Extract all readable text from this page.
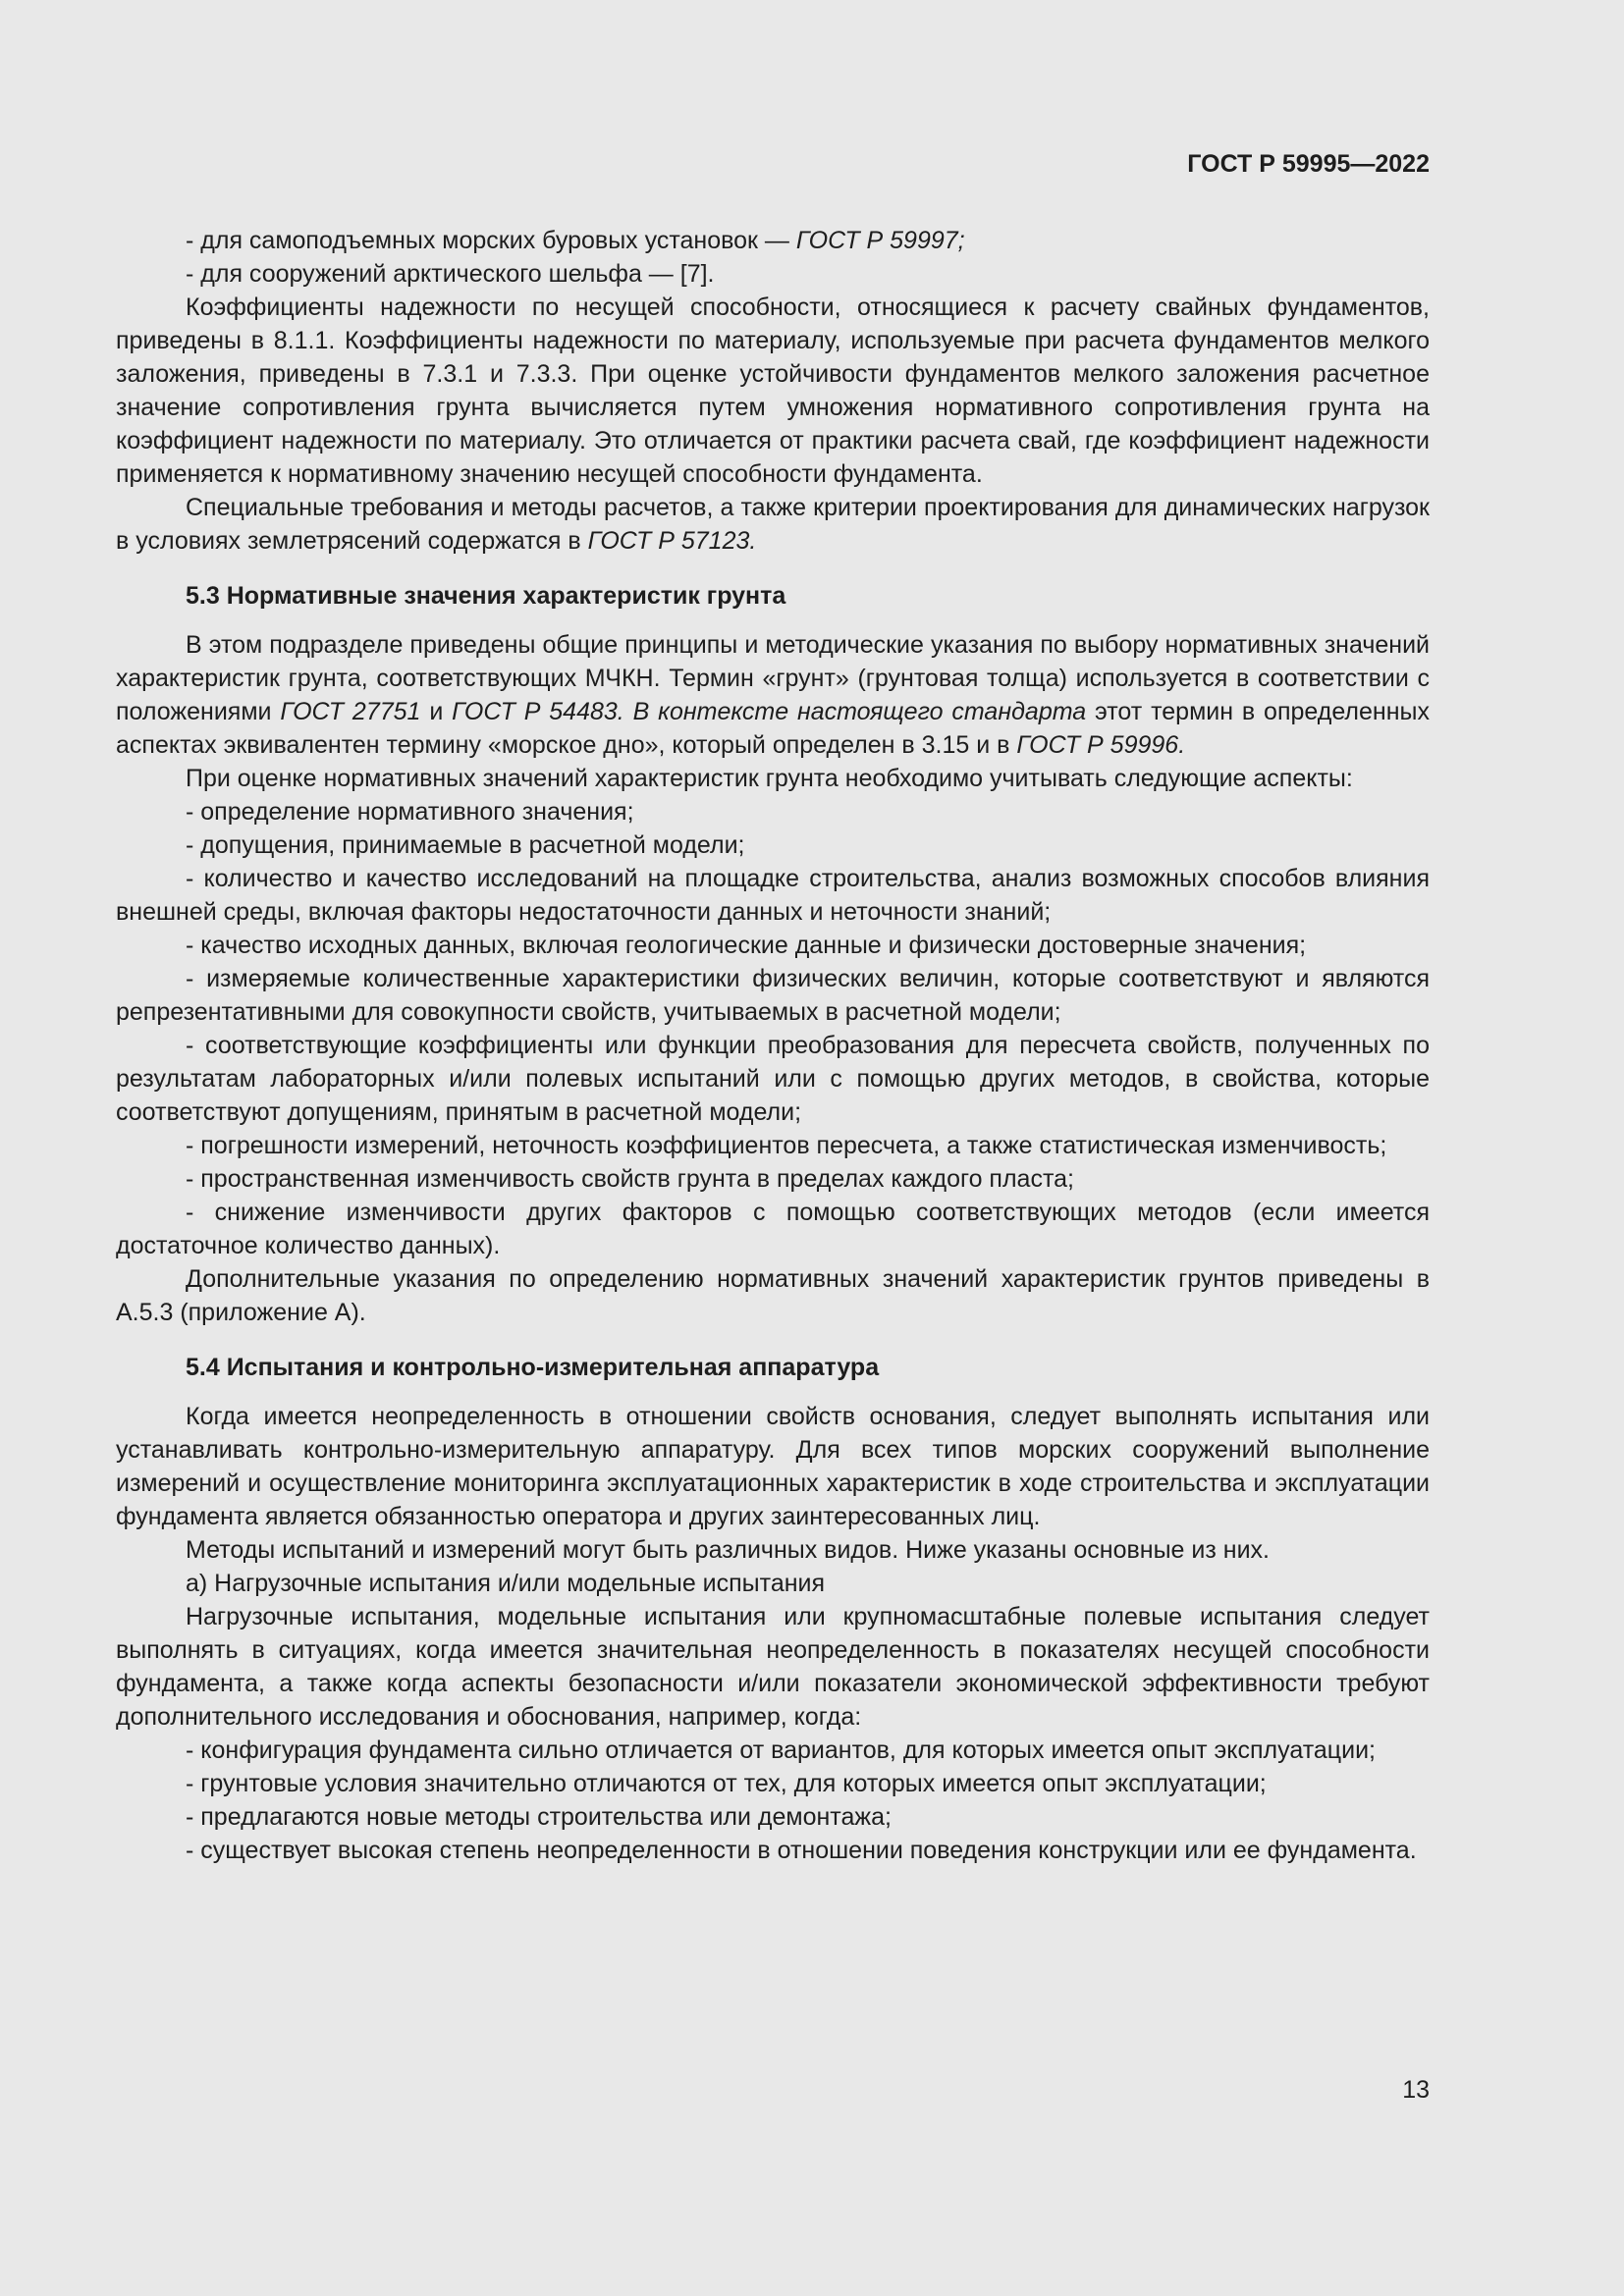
ГОСТ Р 59995—2022

- для самоподъемных морских буровых установок — ГОСТ Р 59997;

- для сооружений арктического шельфа — [7].

Коэффициенты надежности по несущей способности, относящиеся к расчету свайных фундаментов, приведены в 8.1.1. Коэффициенты надежности по материалу, используемые при расчета фундаментов мелкого заложения, приведены в 7.3.1 и 7.3.3. При оценке устойчивости фундаментов мелкого заложения расчетное значение сопротивления грунта вычисляется путем умножения нормативного сопротивления грунта на коэффициент надежности по материалу. Это отличается от практики расчета свай, где коэффициент надежности применяется к нормативному значению несущей способности фундамента.

Специальные требования и методы расчетов, а также критерии проектирования для динамических нагрузок в условиях землетрясений содержатся в ГОСТ Р 57123.

5.3 Нормативные значения характеристик грунта

В этом подразделе приведены общие принципы и методические указания по выбору нормативных значений характеристик грунта, соответствующих МЧКН. Термин «грунт» (грунтовая толща) используется в соответствии с положениями ГОСТ 27751 и ГОСТ Р 54483. В контексте настоящего стандарта этот термин в определенных аспектах эквивалентен термину «морское дно», который определен в 3.15 и в ГОСТ Р 59996.

При оценке нормативных значений характеристик грунта необходимо учитывать следующие аспекты:

- определение нормативного значения;

- допущения, принимаемые в расчетной модели;

- количество и качество исследований на площадке строительства, анализ возможных способов влияния внешней среды, включая факторы недостаточности данных и неточности знаний;

- качество исходных данных, включая геологические данные и физически достоверные значения;

- измеряемые количественные характеристики физических величин, которые соответствуют и являются репрезентативными для совокупности свойств, учитываемых в расчетной модели;

- соответствующие коэффициенты или функции преобразования для пересчета свойств, полученных по результатам лабораторных и/или полевых испытаний или с помощью других методов, в свойства, которые соответствуют допущениям, принятым в расчетной модели;

- погрешности измерений, неточность коэффициентов пересчета, а также статистическая изменчивость;

- пространственная изменчивость свойств грунта в пределах каждого пласта;

- снижение изменчивости других факторов с помощью соответствующих методов (если имеется достаточное количество данных).

Дополнительные указания по определению нормативных значений характеристик грунтов приведены в А.5.3 (приложение А).

5.4 Испытания и контрольно-измерительная аппаратура

Когда имеется неопределенность в отношении свойств основания, следует выполнять испытания или устанавливать контрольно-измерительную аппаратуру. Для всех типов морских сооружений выполнение измерений и осуществление мониторинга эксплуатационных характеристик в ходе строительства и эксплуатации фундамента является обязанностью оператора и других заинтересованных лиц.

Методы испытаний и измерений могут быть различных видов. Ниже указаны основные из них.

а) Нагрузочные испытания и/или модельные испытания

Нагрузочные испытания, модельные испытания или крупномасштабные полевые испытания следует выполнять в ситуациях, когда имеется значительная неопределенность в показателях несущей способности фундамента, а также когда аспекты безопасности и/или показатели экономической эффективности требуют дополнительного исследования и обоснования, например, когда:

- конфигурация фундамента сильно отличается от вариантов, для которых имеется опыт эксплуатации;

- грунтовые условия значительно отличаются от тех, для которых имеется опыт эксплуатации;

- предлагаются новые методы строительства или демонтажа;

- существует высокая степень неопределенности в отношении поведения конструкции или ее фундамента.

13
